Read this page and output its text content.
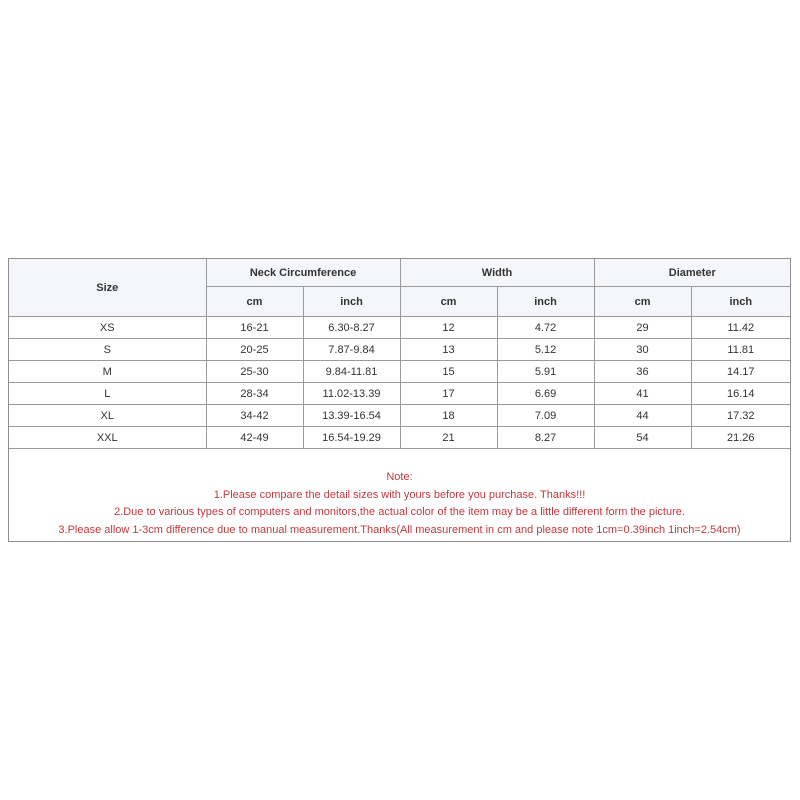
Size	Neck Circumference		Width		Diameter	
	cm	inch	cm	inch	cm	inch
XS	16-21	6.30-8.27	12	4.72	29	11.42
S	20-25	7.87-9.84	13	5.12	30	11.81
M	25-30	9.84-11.81	15	5.91	36	14.17
L	28-34	11.02-13.39	17	6.69	41	16.14
XL	34-42	13.39-16.54	18	7.09	44	17.32
XXL	42-49	16.54-19.29	21	8.27	54	21.26
Note:
1.Please compare the detail sizes with yours before you purchase. Thanks!!!
2.Due to various types of computers and monitors,the actual color of the item may be a little different form the picture.
3.Please allow 1-3cm difference due to manual measurement.Thanks(All measurement in cm and please note 1cm=0.39inch 1inch=2.54cm)
